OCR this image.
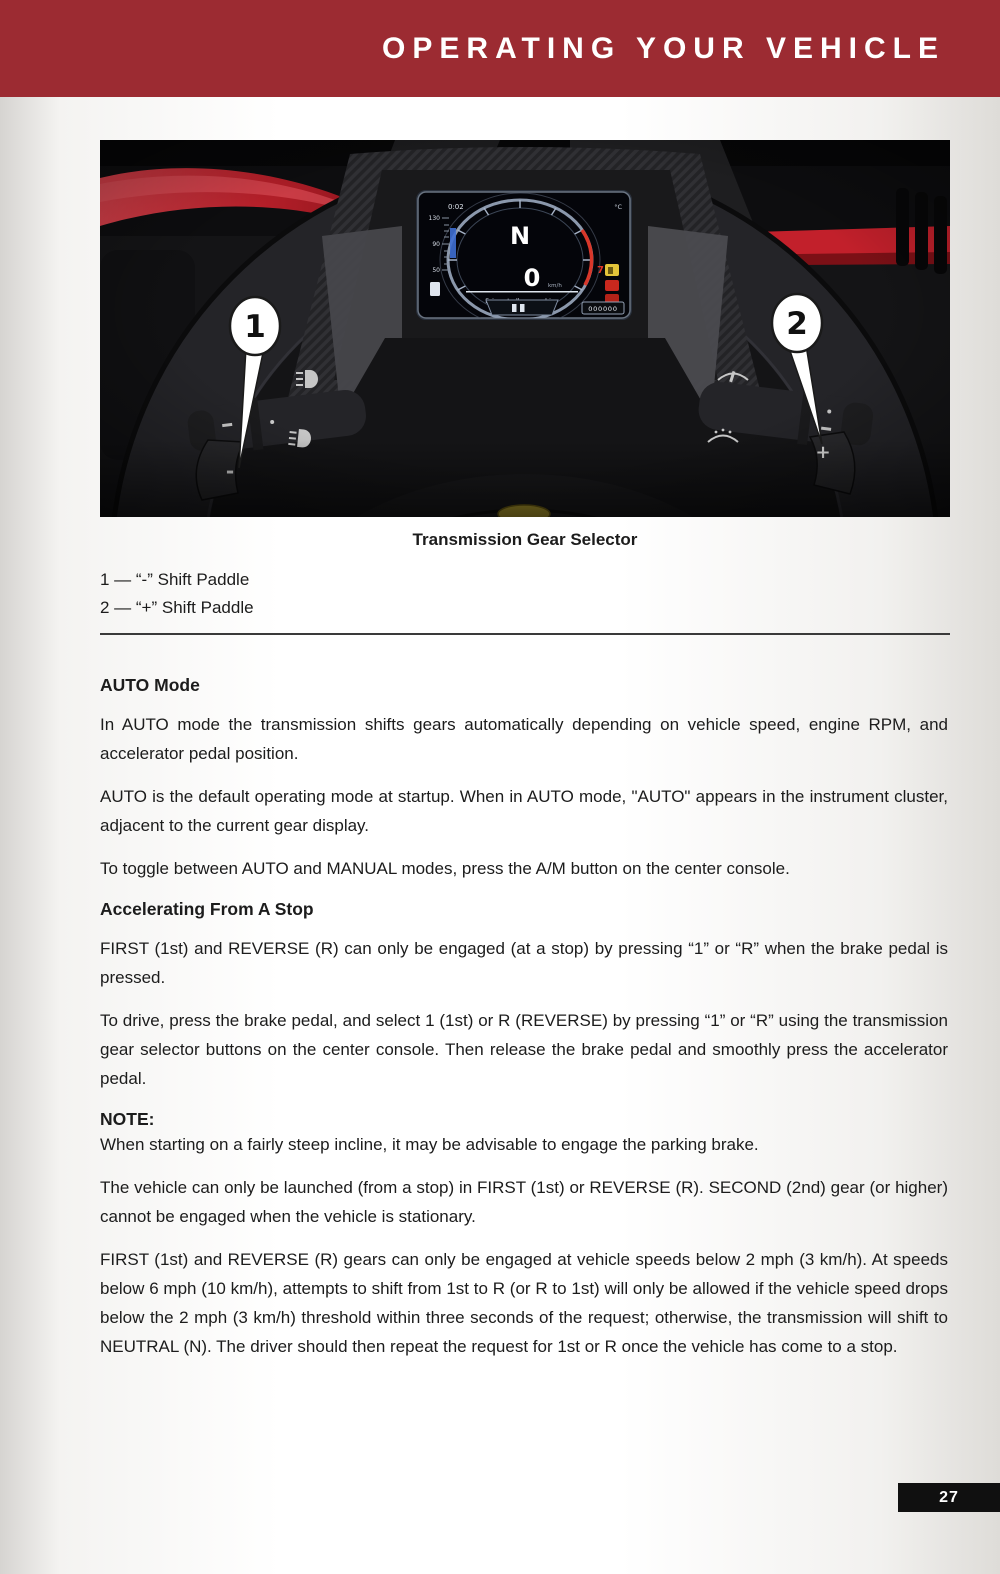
OPERATING YOUR VEHICLE
1	2
Transmission Gear Selector
1 — “-” Shift Paddle
2 — “+” Shift Paddle
AUTO Mode

In AUTO mode the transmission shifts gears automatically depending on vehicle speed, engine RPM, and accelerator pedal position.

AUTO is the default operating mode at startup. When in AUTO mode, "AUTO" appears in the instrument cluster, adjacent to the current gear display.

To toggle between AUTO and MANUAL modes, press the A/M button on the center console.

Accelerating From A Stop

FIRST (1st) and REVERSE (R) can only be engaged (at a stop) by pressing “1” or “R” when the brake pedal is pressed.

To drive, press the brake pedal, and select 1 (1st) or R (REVERSE) by pressing “1” or “R” using the transmission gear selector buttons on the center console. Then release the brake pedal and smoothly press the accelerator pedal.

NOTE:

When starting on a fairly steep incline, it may be advisable to engage the parking brake.

The vehicle can only be launched (from a stop) in FIRST (1st) or REVERSE (R). SECOND (2nd) gear (or higher) cannot be engaged when the vehicle is stationary.

FIRST (1st) and REVERSE (R) gears can only be engaged at vehicle speeds below 2 mph (3 km/h). At speeds below 6 mph (10 km/h), attempts to shift from 1st to R (or R to 1st) will only be allowed if the vehicle speed drops below the 2 mph (3 km/h) threshold within three seconds of the request; otherwise, the transmission will shift to NEUTRAL (N). The driver should then repeat the request for 1st or R once the vehicle has come to a stop.

27
